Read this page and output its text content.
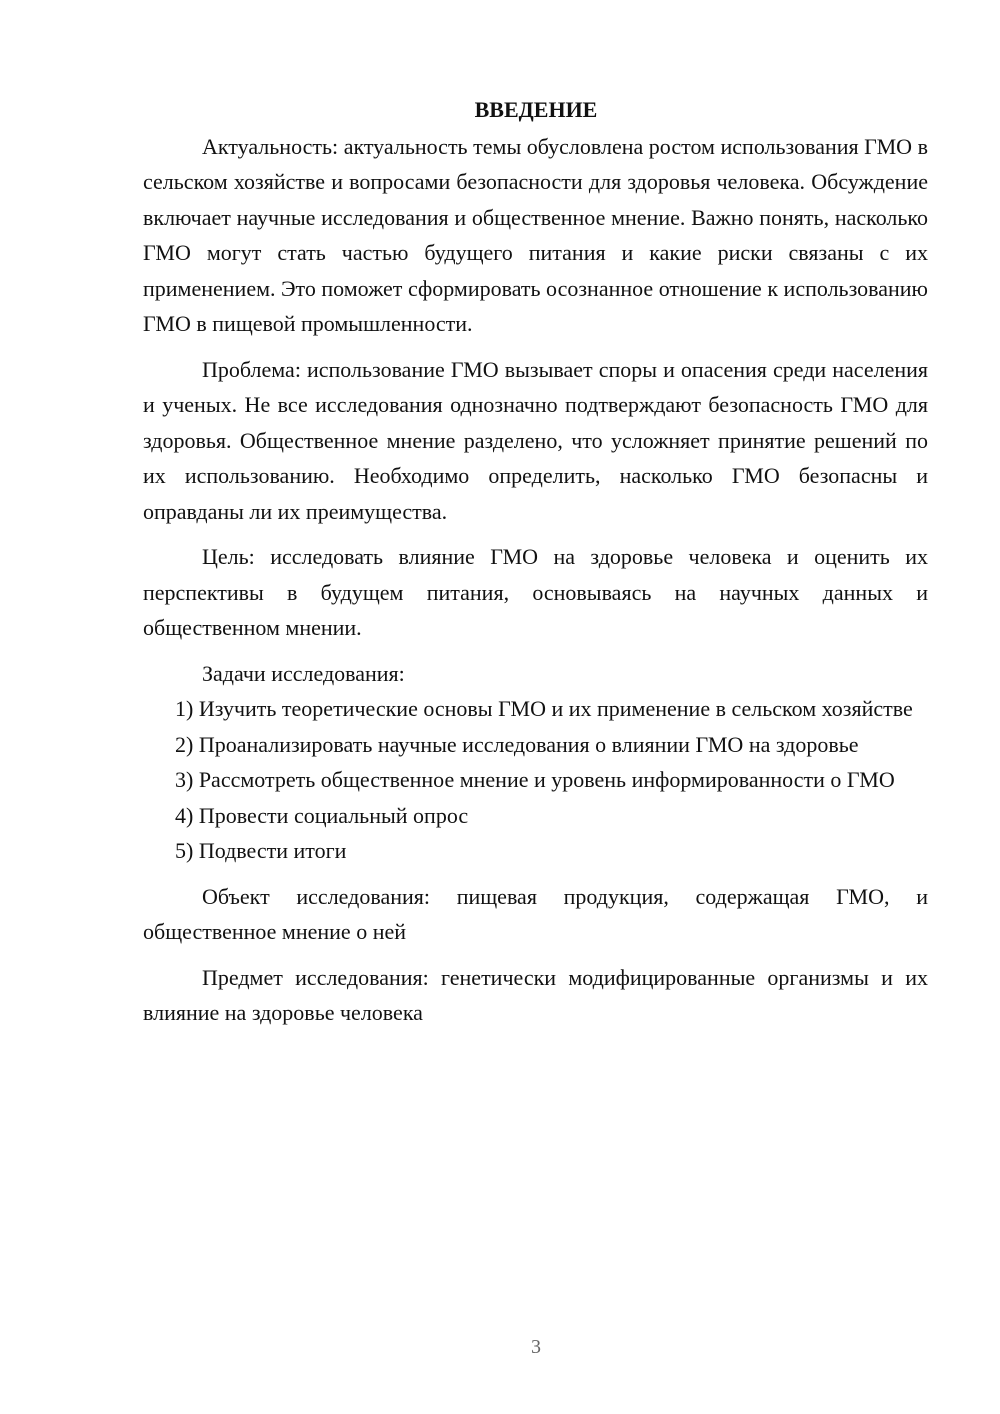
ВВЕДЕНИЕ

Актуальность: актуальность темы обусловлена ростом использования ГМО в сельском хозяйстве и вопросами безопасности для здоровья человека. Обсуждение включает научные исследования и общественное мнение. Важно понять, насколько ГМО могут стать частью будущего питания и какие риски связаны с их применением. Это поможет сформировать осознанное отношение к использованию ГМО в пищевой промышленности.

Проблема: использование ГМО вызывает споры и опасения среди населения и ученых. Не все исследования однозначно подтверждают безопасность ГМО для здоровья. Общественное мнение разделено, что усложняет принятие решений по их использованию. Необходимо определить, насколько ГМО безопасны и оправданы ли их преимущества.

Цель: исследовать влияние ГМО на здоровье человека и оценить их перспективы в будущем питания, основываясь на научных данных и общественном мнении.

Задачи исследования:

1) Изучить теоретические основы ГМО и их применение в сельском хозяйстве

2) Проанализировать научные исследования о влиянии ГМО на здоровье

3) Рассмотреть общественное мнение и уровень информированности о ГМО

4) Провести социальный опрос

5) Подвести итоги

Объект исследования: пищевая продукция, содержащая ГМО, и общественное мнение о ней

Предмет исследования: генетически модифицированные организмы и их влияние на здоровье человека

3
